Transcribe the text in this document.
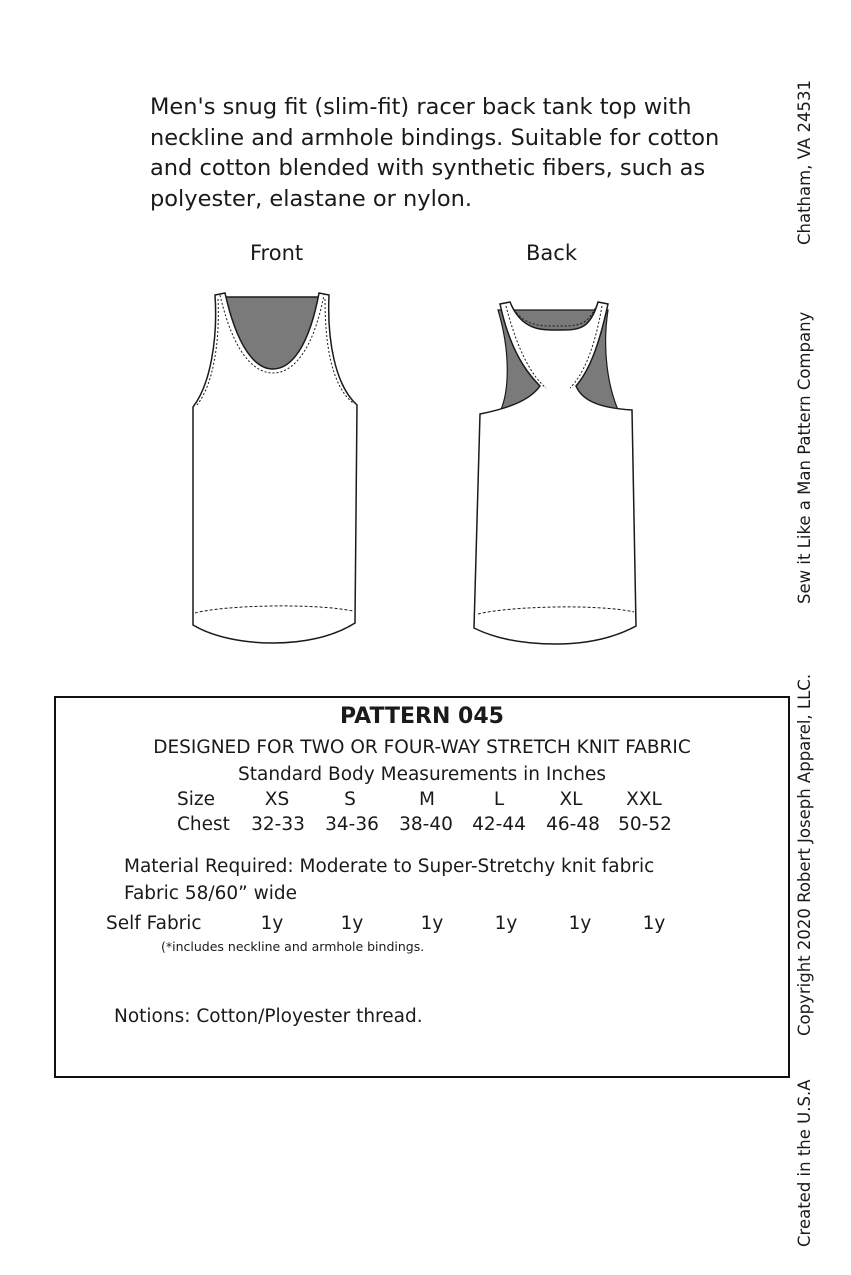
Men's snug fit (slim-fit) racer back tank top with neckline and armhole bindings. Suitable for cotton and cotton blended with synthetic fibers, such as polyester, elastane or nylon.

Front	Back
Chatham, VA 24531
Sew it Like a Man Pattern Company
Copyright 2020 Robert Joseph Apparel, LLC.
Created in the U.S.A
PATTERN 045
DESIGNED FOR TWO OR FOUR-WAY STRETCH KNIT FABRIC
Standard Body Measurements in Inches
Size	XS	S	M	L	XL XXL
Chest 32-33 34-36 38-40 42-44 46-48 50-52
Material Required: Moderate to Super-Stretchy knit fabric
Fabric 58/60” wide
Self Fabric	1y	1y	1y	1y	1y	1y
(*includes neckline and armhole bindings.
Notions: Cotton/Ployester thread.
